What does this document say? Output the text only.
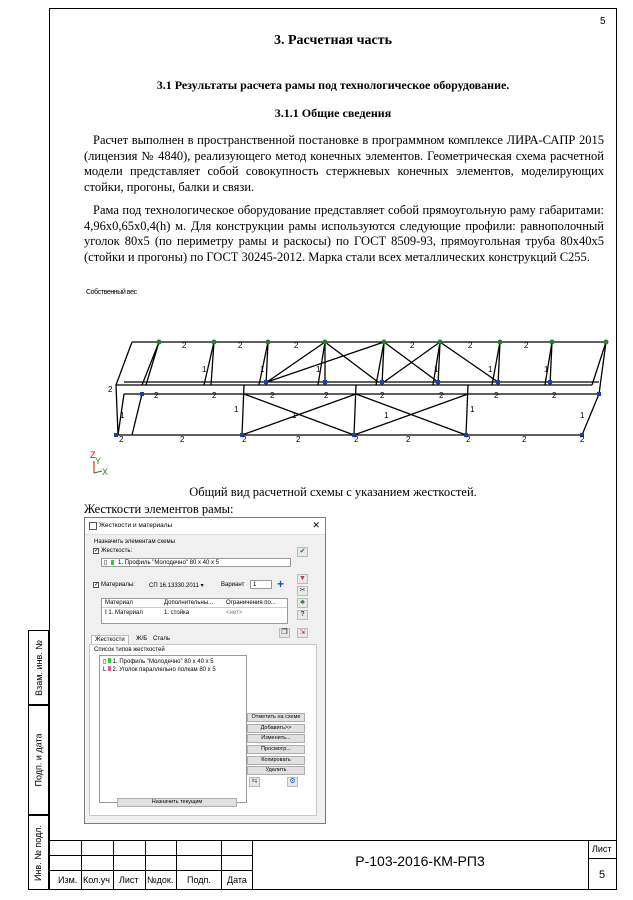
Взам. инв. №
Подп. и дата
Инв. № подл.
5
3. Расчетная часть
3.1 Результаты расчета рамы под технологическое оборудование.
3.1.1 Общие сведения
Расчет выполнен в пространственной постановке в программном комплексе ЛИРА-САПР 2015 (лицензия № 4840), реализующего метод конечных элементов. Геометрическая схема расчетной модели представляет собой совокупность стержневых конечных элементов, моделирующих стойки, прогоны, балки и связи.
Рама под технологическое оборудование представляет собой прямоугольную раму габаритами: 4,96х0,65х0,4(h) м. Для конструкции рамы используются следующие профили: равнополочный уголок 80х5 (по периметру рамы и раскосы) по ГОСТ 8509-93, прямоугольная труба 80х40х5 (стойки и прогоны) по ГОСТ 30245-2012. Марка стали всех металлических конструкций С255.
Собственный вес
2	2	2	2	2	2
1	1	1	1	1	1
2	2	2	2	2	2	2	2
2	2	2	2
1	1	1	1
1	1
2	2	2	2	2
2
Z
Y
X
Общий вид расчетной схемы с указанием жесткостей.
Жесткости элементов рамы:
Жесткости и материалы	✕
Назначить элементам схемы
✓ Жесткость:
▯ 1. Профиль "Молодечно" 80 х 40 х 5
✔
✓ Материалы: СП 16.13330.2011 ▾	Вариант 1 + ▼
✂
♣
?
Материал	Дополнительны... Ограничения по...
I 1. Материал	1. стойка	<нет>
❐	⇲
Жесткости	Ж/Б Сталь
Список типов жесткостей
▯ 1. Профиль "Молодечно" 80 х 40 х 5
L 2. Уголок параллельно полкам 80 х 5
Отметить на схеме
Добавить>>
Изменить...
Просмотр...
Копировать
Удалить
⇆	⚙
Назначить текущим
Изм. Кол.уч Лист №док. Подп. Дата
Р-103-2016-КМ-РП3
Лист
5
